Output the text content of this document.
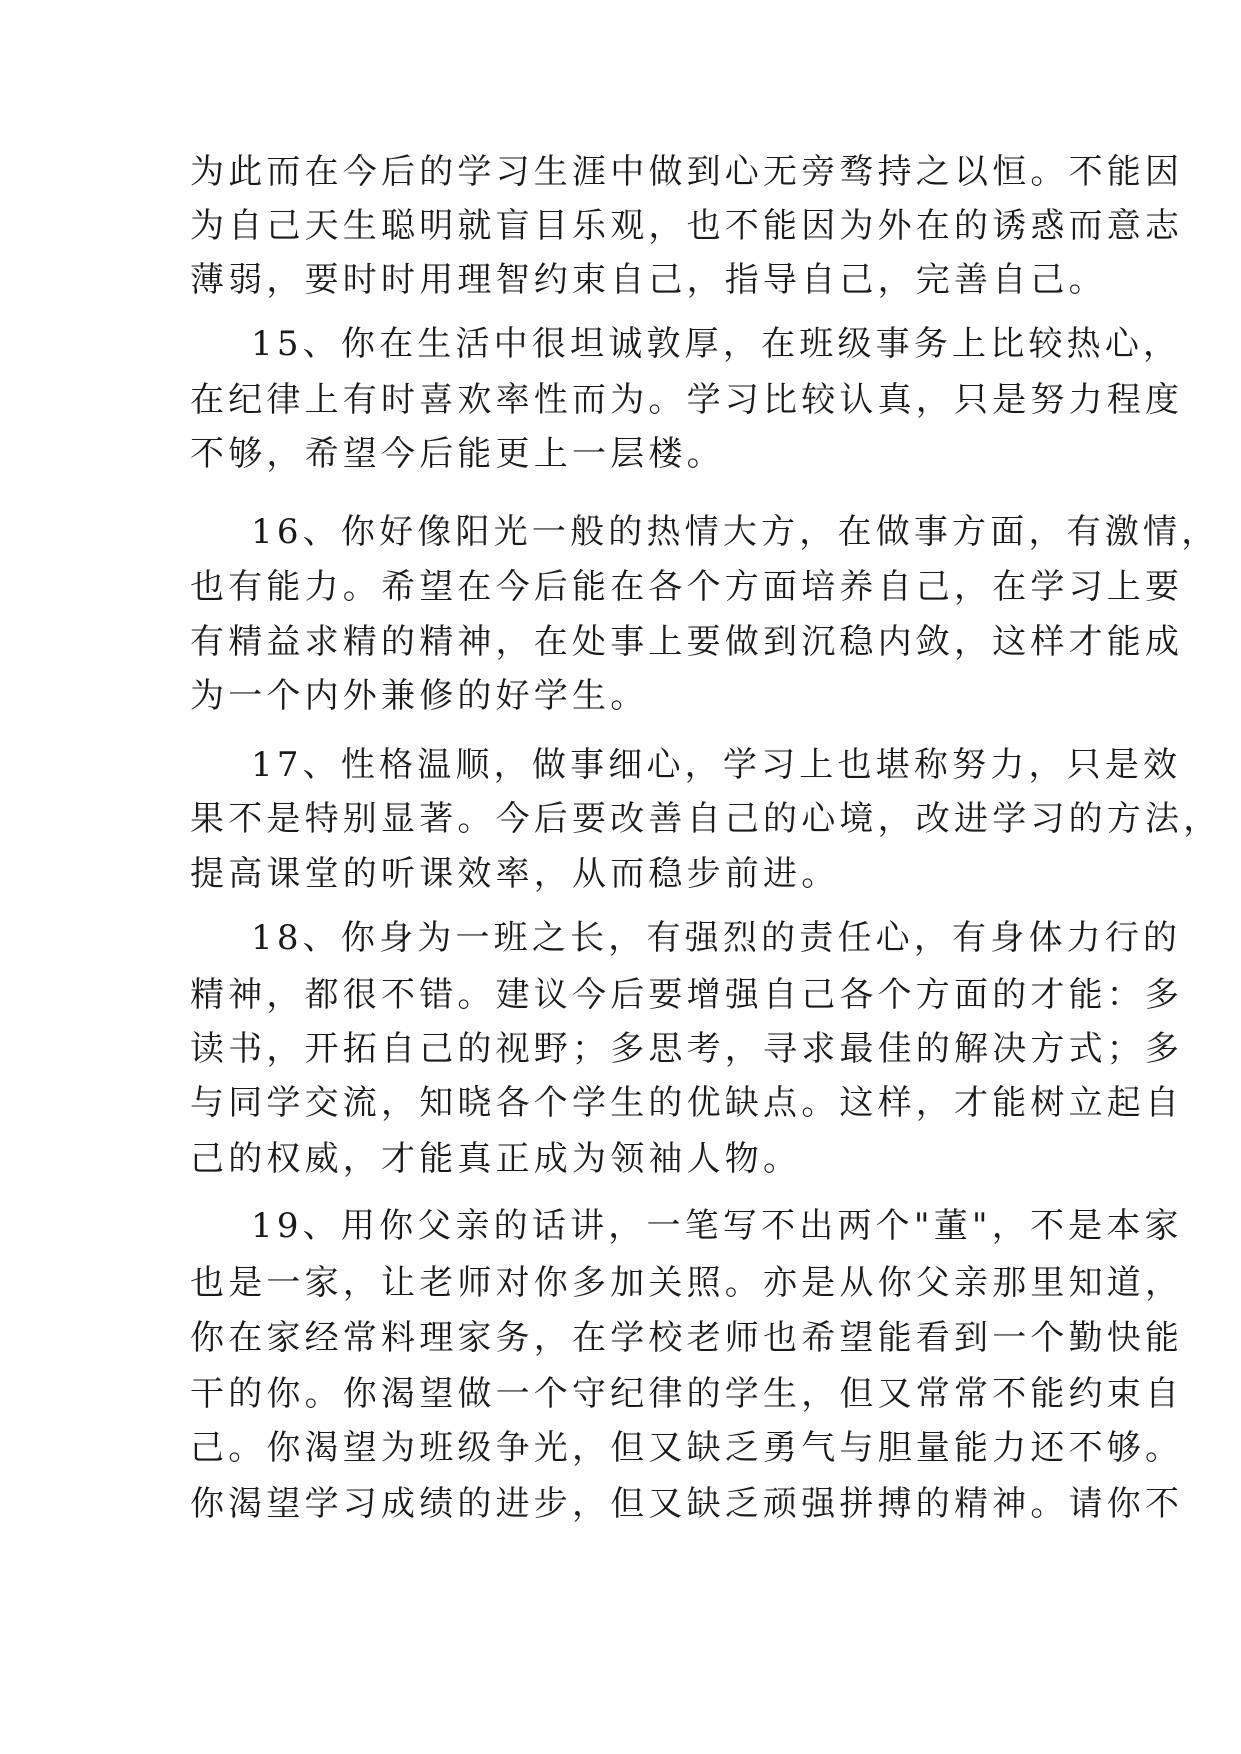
为此而在今后的学习生涯中做到心无旁骛持之以恒。不能因
为自己天生聪明就盲目乐观，也不能因为外在的诱惑而意志
薄弱，要时时用理智约束自己，指导自己，完善自己。
15、你在生活中很坦诚敦厚，在班级事务上比较热心，
在纪律上有时喜欢率性而为。学习比较认真，只是努力程度
不够，希望今后能更上一层楼。
16、你好像阳光一般的热情大方，在做事方面，有激情，
也有能力。希望在今后能在各个方面培养自己，在学习上要
有精益求精的精神，在处事上要做到沉稳内敛，这样才能成
为一个内外兼修的好学生。
17、性格温顺，做事细心，学习上也堪称努力，只是效
果不是特别显著。今后要改善自己的心境，改进学习的方法，
提高课堂的听课效率，从而稳步前进。
18、你身为一班之长，有强烈的责任心，有身体力行的
精神，都很不错。建议今后要增强自己各个方面的才能：多
读书，开拓自己的视野；多思考，寻求最佳的解决方式；多
与同学交流，知晓各个学生的优缺点。这样，才能树立起自
己的权威，才能真正成为领袖人物。
19、用你父亲的话讲，一笔写不出两个"董"，不是本家
也是一家，让老师对你多加关照。亦是从你父亲那里知道，
你在家经常料理家务，在学校老师也希望能看到一个勤快能
干的你。你渴望做一个守纪律的学生，但又常常不能约束自
己。你渴望为班级争光，但又缺乏勇气与胆量能力还不够。
你渴望学习成绩的进步，但又缺乏顽强拼搏的精神。请你不
